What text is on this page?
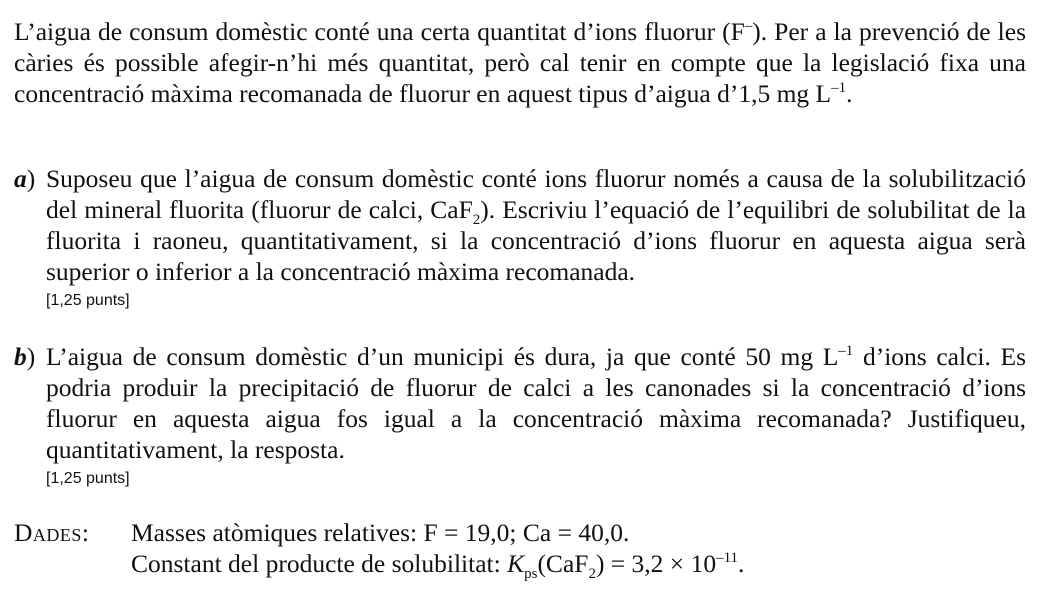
L’aigua de consum domèstic conté una certa quantitat d’ions fluorur (F–). Per a la prevenció de les càries és possible afegir-n’hi més quantitat, però cal tenir en compte que la legislació fixa una concentració màxima recomanada de fluorur en aquest tipus d’aigua d’1,5 mg $L^{-1}$.
a) Suposeu que l’aigua de consum domèstic conté ions fluorur només a causa de la solubilització del mineral fluorita (fluorur de calci, CaF$_2$). Escriviu l’equació de l’equilibri de solubilitat de la fluorita i raoneu, quantitativament, si la concentració d’ions fluorur en aquesta aigua serà superior o inferior a la concentració màxima recomanada.
[1,25 punts]
b) L’aigua de consum domèstic d’un municipi és dura, ja que conté 50 mg $L^{-1}$ d’ions calci. Es podria produir la precipitació de fluorur de calci a les canonades si la concentració d’ions fluorur en aquesta aigua fos igual a la concentració màxima recomanada? Justifiqueu, quantitativament, la resposta.
[1,25 punts]
Dades: Masses atòmiques relatives: F = 19,0; Ca = 40,0.
Constant del producte de solubilitat: $K_{ps}(CaF_2) = 3,2 \times 10^{-11}$.
